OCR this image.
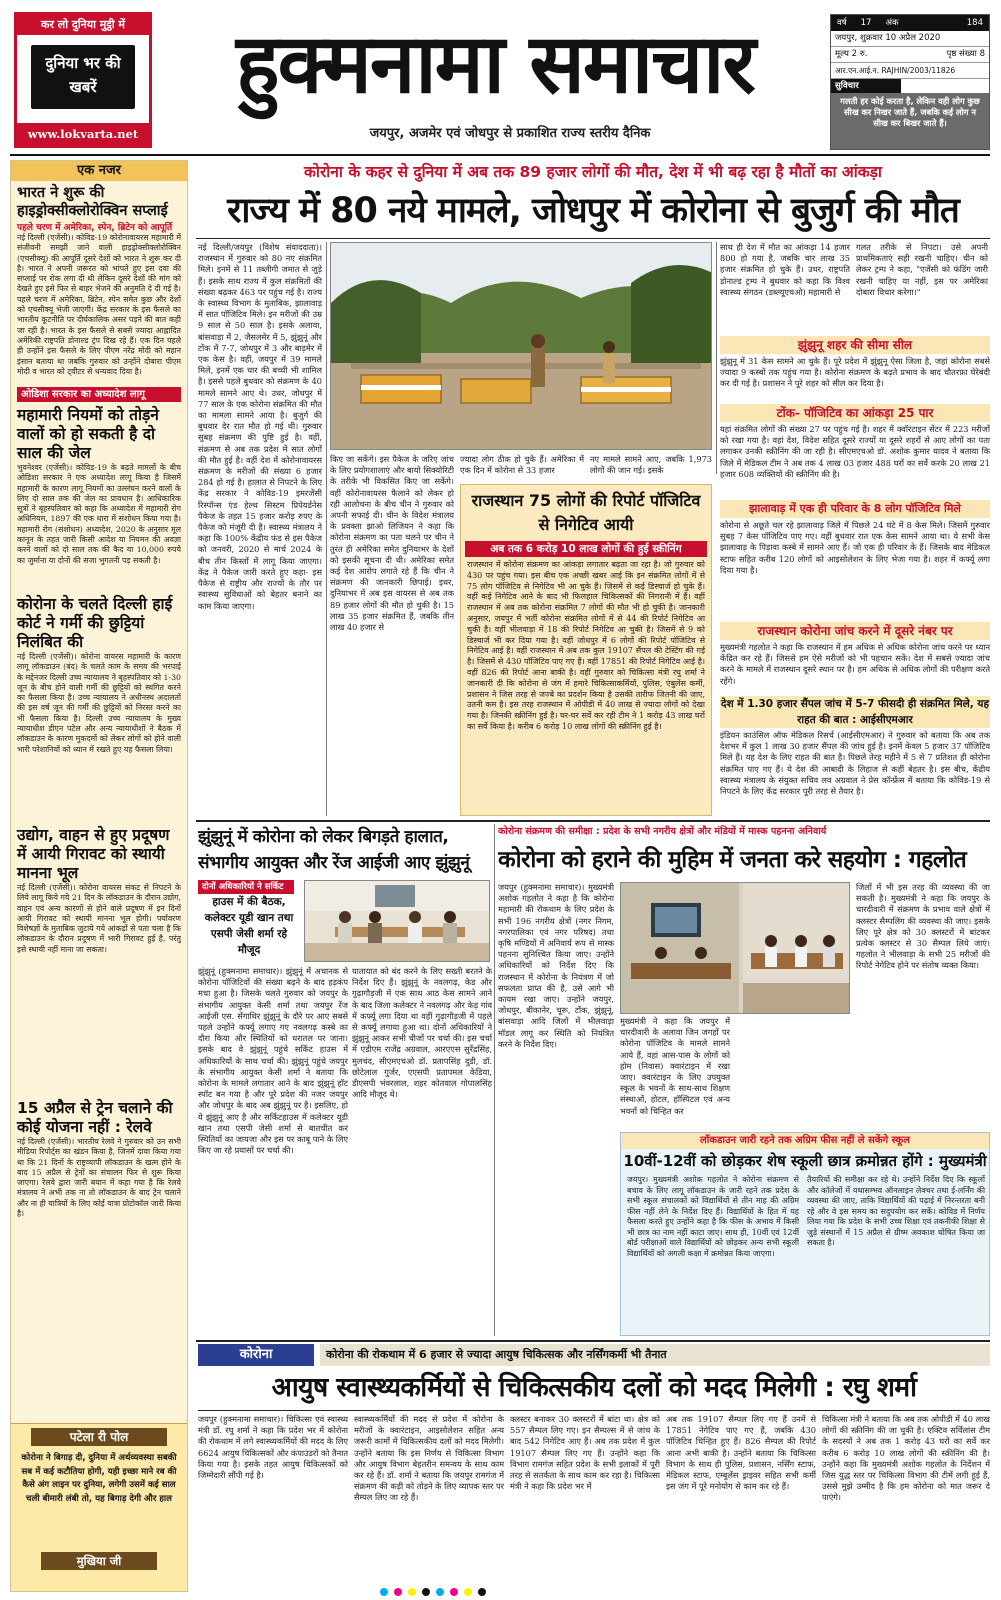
कर लो दुनिया मुट्ठी में
दुनिया भर की खबरें
www.lokvarta.net
हुक्मनामा समाचार
जयपुर, अजमेर एवं जोधपुर से प्रकाशित राज्य स्तरीय दैनिक
वर्ष	17	अंक	184
जयपुर, शुक्रवार 10 अप्रैल 2020
मूल्य 2 रु.	पृष्ठ संख्या 8
आर.एन.आई.न. RAJHIN/2003/11826
सुविचार
गलती हर कोई करता है, लेकिन वही लोग कुछ सीख कर निखर जाते हैं, जबकि कई लोग न सीख कर बिखर जाते हैं।
एक नजर
भारत ने शुरू की हाइड्रोक्सीक्लोरोक्विन सप्लाई
पहले चरण में अमेरिका, स्पेन, ब्रिटेन को आपूर्ति
नई दिल्ली (एजेंसी)। कोविड-19 कोरोनावायरस महामारी में संजीवनी समझी जाने वाली हाइड्रोक्सीक्लोरोक्विन (एचसीक्यू) की आपूर्ति दूसरे देशों को भारत ने शुरू कर दी है। भारत ने अपनी जरूरत को भांपते हुए इस दवा की सप्लाई पर रोक लगा दी थी लेकिन दूसरे देशों की मांग को देखते हुए इसे फिर से बाहर भेजने की अनुमति दे दी गई है। पहले चरण में अमेरिका, ब्रिटेन, स्पेन समेत कुछ और देशों को एचसीक्यू भेजी जाएगी। केंद्र सरकार के इस फैसले का भारतीय कूटनीति पर दीर्घकालिक असर पड़ने की बात कही जा रही है। भारत के इस फैसले से सबसे ज्यादा आह्लादित अमेरिकी राष्ट्रपति डोनाल्ड ट्रंप दिख रहे हैं। एक दिन पहले ही उन्होंने इस फैसले के लिए पीएम नरेंद्र मोदी को महान इंसान बताया था जबकि गुरुवार को उन्होंने दोबारा पीएम मोदी व भारत को ट्वीटर से धन्यवाद दिया है।
ओडिशा सरकार का अध्यादेश लागू
महामारी नियमों को तोड़ने वालों को हो सकती है दो साल की जेल
भुवनेश्वर (एजेंसी)। कोविड-19 के बढ़ते मामलों के बीच ओडिशा सरकार ने एक अध्यादेश लागू किया है जिसमें महामारी के कारण लागू नियमों का उल्लंघन करने वालों के लिए दो साल तक की जेल का प्रावधान है। आधिकारिक सूत्रों ने बृहस्पतिवार को कहा कि अध्यादेश में महामारी रोग अधिनियम, 1897 की एक धारा में संशोधन किया गया है। महामारी रोग (संशोधन) अध्यादेश, 2020 के अनुसार मूल कानून के तहत जारी किसी आदेश या नियमन की अवज्ञा करने वालों को दो साल तक की कैद या 10,000 रुपये का जुर्माना या दोनों की सजा भुगतनी पड़ सकती है।
कोरोना के चलते दिल्ली हाई कोर्ट ने गर्मी की छुट्टियां निलंबित की
नई दिल्ली (एजेंसी)। कोरोना वायरस महामारी के कारण लागू लॉकडाउन (बंद) के चलते काम के समय की भरपाई के मद्देनजर दिल्ली उच्च न्यायालय ने बृहस्पतिवार को 1-30 जून के बीच होने वाली गर्मी की छुट्टियों को स्थगित करने का फैसला किया है। उच्च न्यायालय ने अधीनस्थ अदालतों की इस वर्ष जून की गर्मी की छुट्टियों को निरस्त करने का भी फैसला किया है। दिल्ली उच्च न्यायालय के मुख्य न्यायाधीश डीएन पटेल और अन्य न्यायाधीशों ने बैठक में लॉकडाउन के कारण मुकदमों को लेकर लोगों को होने वाली भारी परेशानियों को ध्यान में रखते हुए यह फैसला लिया।
उद्योग, वाहन से हुए प्रदूषण में आयी गिरावट को स्थायी मानना भूल
नई दिल्ली (एजेंसी)। कोरोना वायरस संकट से निपटने के लिये लागू किये गये 21 दिन के लॉकडाउन के दौरान उद्योग, वाहन एवं अन्य कारणों से होने वाले प्रदूषण में इन दिनों आयी गिरावट को स्थायी मानना भूल होगी। पर्यावरण विशेषज्ञों के मुताबिक जुटाये गये आंकड़ों से पता चला है कि लॉकडाउन के दौरान प्रदूषण में भारी गिरावट हुई है, परंतु इसे स्थायी नहीं माना जा सकता।
15 अप्रैल से ट्रेन चलाने की कोई योजना नहीं : रेलवे
नई दिल्ली (एजेंसी)। भारतीय रेलवे ने गुरुवार को उन सभी मीडिया रिपोर्ट्स का खंडन किया है, जिनमें दावा किया गया था कि 21 दिनों के राष्ट्रव्यापी लॉकडाउन के खत्म होने के बाद 15 अप्रैल से ट्रेनों का संचालन फिर से शुरू किया जाएगा। रेलवे द्वारा जारी बयान में कहा गया है कि रेलवे मंत्रालय ने अभी तक ना तो लॉकडाउन के बाद ट्रेन चलाने और ना ही यात्रियों के लिए कोई यात्रा प्रोटोकॉल जारी किया है।
पटेला री पोल
कोरोना ने बिगाड़ दी, दुनिया में अर्थव्यवस्था सबकी सब में कई कटौतिया होगी, यही इच्छा माने रब की कैसे अंग लाइन पर दुनिया, लगेगी उसमें कई साल चली बीमारी लंबी तो, यह बिगाड़ देगी और हाल
मुखिया जी
कोरोना के कहर से दुनिया में अब तक 89 हजार लोगों की मौत, देश में भी बढ़ रहा है मौतों का आंकड़ा
राज्य में 80 नये मामले, जोधपुर में कोरोना से बुजुर्ग की मौत
नई दिल्ली/जयपुर (विशेष संवाददाता)। राजस्थान में गुरुवार को 80 नए संक्रमित मिले। इनमें से 11 तब्लीगी जमात से जुड़े हैं। इसके साथ राज्य में कुल संक्रमितों की संख्या बढ़कर 463 पर पहुंच गई है। राज्य के स्वास्थ्य विभाग के मुताबिक, झालावाड़ में सात पॉजिटिव मिले। इन मरीजों की उम्र 9 साल से 50 साल है। इसके अलावा, बांसवाड़ा में 2, जैसलमेर में 5, झुंझुनूं और टोंक में 7-7, जोधपुर में 3 और बाड़मेर में एक केस है। वहीं, जयपुर में 39 मामले मिले, इनमें एक चार की बच्ची भी शामिल है। इससे पहले बुधवार को संक्रमण के 40 मामले सामने आए थे। उधर, जोधपुर में 77 साल के एक कोरोना संक्रमित की मौत का मामला सामने आया है। बुजुर्ग की बुधवार देर रात मौत हो गई थी। गुरुवार सुबह संक्रमण की पुष्टि हुई है। वहीं, संक्रमण से अब तक प्रदेश में सात लोगों की मौत हुई है। वहीं देश में कोरोनावायरस संक्रमण के मरीजों की संख्या 6 हजार 284 हो गई है। हालात से निपटने के लिए केंद्र सरकार ने कोविड-19 इमरजेंसी रिस्पॉन्स एंड हेल्थ सिस्टम प्रिपेयर्डनेस पैकेज के तहत 15 हजार करोड़ रुपए के पैकेज को मंजूरी दी है। स्वास्थ्य मंत्रालय ने कहा कि 100% केंद्रीय फंड से इस पैकेज को जनवरी, 2020 से मार्च 2024 के बीच तीन किस्तों में लागू किया जाएगा। केंद्र ने पैकेज जारी करते हुए कहा- इस पैकेज से राष्ट्रीय और राज्यों के तौर पर स्वास्थ्य सुविधाओं को बेहतर बनाने का काम किया जाएगा।
किए जा सकेंगे। इस पैकेज के जरिए जांच के लिए प्रयोगशालाएं और बायो सिक्योरिटी के तरीके भी विकसित किए जा सकेंगे। वहीं कोरोनावायरस फैलाने को लेकर हो रही आलोचना के बीच चीन ने गुरुवार को अपनी सफाई दी। चीन के विदेश मंत्रालय के प्रवक्ता झाओ लिजियन ने कहा कि कोरोना संक्रमण का पता चलने पर चीन ने तुरंत ही अमेरिका समेत दुनियाभर के देशों को इसकी सूचना दी थी। अमेरिका समेत कई देश आरोप लगाते रहे हैं कि चीन ने संक्रमण की जानकारी छिपाई। इधर, दुनियाभर में अब इस वायरस से अब तक 89 हजार लोगों की मौत हो चुकी है। 15 लाख 35 हजार संक्रमित हैं, जबकि तीन लाख 40 हजार से
ज्यादा लोग ठीक हो चुके हैं। अमेरिका में एक दिन में कोरोना से 33 हजार
नए मामले सामने आए, जबकि 1,973 लोगों की जान गई। इसके
साथ ही देश में मौत का आंकड़ा 14 हजार 800 हो गया है, जबकि चार लाख 35 हजार संक्रमित हो चुके हैं। उधर, राष्ट्रपति डोनाल्ड ट्रम्प ने बुधवार को कहा कि विश्व स्वास्थ्य संगठन (डब्ल्यूएचओ) महामारी से
गलत तरीके से निपटा। उसे अपनी प्राथमिकताएं सही रखनी चाहिए। चीन को लेकर ट्रम्प ने कहा, "एजेंसी को फंडिंग जारी रखनी चाहिए या नहीं, इस पर अमेरिका दोबारा विचार करेगा।"
झुंझुनू शहर की सीमा सील
झुंझुनू में 31 केस सामने आ चुके हैं। पूरे प्रदेश में झुंझुनू ऐसा जिला है, जहां कोरोना सबसे ज्यादा 9 कस्बों तक पहुंच गया है। कोरोना संक्रमण के बढ़ते प्रभाव के बाद चौतरफ़ा घेरेबंदी कर दी गई है। प्रशासन ने पूरे शहर को सील कर दिया है।
टोंक- पॉजिटिव का आंकड़ा 25 पार
यहां संक्रमित लोगों की संख्या 27 पर पहुंच गई है। शहर में क्वॉरंटाइन सेंटर में 223 मरीजों को रखा गया है। वहां देश, विदेश सहित दूसरे राज्यों या दूसरे शहरों से आए लोगों का पता लगाकर उनकी स्क्रीनिंग की जा रही है। सीएमएचओ डॉ. अशोक कुमार यादव ने बताया कि जिले में मेडिकल टीम ने अब तक 4 लाख 03 हजार 488 घरों का सर्वे करके 20 लाख 21 हजार 608 व्यक्तियों की स्क्रीनिंग की है।
झालावाड़ में एक ही परिवार के 8 लोग पॉजिटिव मिले
कोरोना से अछूते चल रहे झालावाड़ जिले में पिछले 24 घंटे में 8 केस मिले। जिसमें गुरुवार सुबह 7 केस पॉजिटिव पाए गए। वहीं बुधवार रात एक केस सामने आया था। ये सभी केस झालावाड़ के पिड़ावा कस्बे में सामने आए हैं। जो एक ही परिवार के हैं। जिसके बाद मेडिकल स्टाफ सहित करीब 120 लोगों को आइसोलेशन के लिए भेजा गया है। शहर में कर्फ्यू लगा दिया गया है।
राजस्थान कोरोना जांच करने में दूसरे नंबर पर
मुख्यमंत्री गहलोत ने कहा कि राजस्थान में हम अधिक से अधिक कोरोना जांच करने पर ध्यान केंद्रित कर रहे हैं। जिससे हम ऐसे मरीजों को भी पहचान सकें। देश में सबसे ज्यादा जांच करने के मामले में राजस्थान दूसरे स्थान पर है। हम अधिक से अधिक लोगों की परीक्षण करते रहेंगे।
देश में 1.30 हजार सैंपल जांच में 5-7 फीसदी ही संक्रमित मिले, यह राहत की बात : आईसीएमआर
इंडियन काउंसिल ऑफ मेडिकल रिसर्च (आईसीएमआर) ने गुरुवार को बताया कि अब तक देशभर में कुल 1 लाख 30 हजार सैंपल की जांच हुई है। इनमें केवल 5 हजार 37 पॉजिटिव मिले हैं। यह देश के लिए राहत की बात है। पिछले तेरह महीने में 5 से 7 प्रतिशत ही कोरोना संक्रमित पाए गए हैं। ये देश की आबादी के लिहाज से कहीं बेहतर है। इस बीच, केंद्रीय स्वास्थ्य मंत्रालय के संयुक्त सचिव लव अग्रवाल ने प्रेस कॉन्फ्रेंस में बताया कि कोविड-19 से निपटने के लिए केंद्र सरकार पूरी तरह से तैयार है।
राजस्थान 75 लोगों की रिपोर्ट पॉजिटिव से निगेटिव आयी
अब तक 6 करोड़ 10 लाख लोगों की हुई स्क्रीनिंग
राजस्थान में कोरोना संक्रमण का आंकड़ा लगातार बढ़ता जा रहा है। जो गुरुवार को 430 पर पहुंच गया। इस बीच एक अच्छी खबर आई कि इन संक्रमित लोगों में से 75 लोग पॉजिटिव से निगेटिव भी आ चुके हैं। जिसमें से कई डिस्चार्ज हो चुके हैं। वहीं कई निगेटिव आने के बाद भी फिलहाल चिकित्सकों की निगरानी में हैं। वहीं राजस्थान में अब तक कोरोना संक्रमित 7 लोगों की मौत भी हो चुकी है। जानकारी अनुसार, जयपुर में भर्ती कोरोना संक्रमित लोगों में से 44 की रिपोर्ट निगेटिव आ चुकी है। वहीं भीलवाड़ा में 18 की रिपोर्ट निगेटिव आ चुकी है। जिसमें से 9 को डिस्चार्ज भी कर दिया गया है। वहीं जोधपुर में 6 लोगों की रिपोर्ट पॉजिटिव से निगेटिव आई है। वहीं राजस्थान में अब तक कुल 19107 सैंपल की टेस्टिंग की गई है। जिसमें से 430 पॉजिटिव पाए गए हैं। वहीं 17851 की रिपोर्ट निगेटिव आई है। वहीं 826 की रिपोर्ट आना बाकी है। वहीं गुरुवार को चिकित्सा मंत्री रघु शर्मा ने जानकारी दी कि कोरोना से जंग में हमारे चिकित्साकर्मियों, पुलिस, एंबुलेंस कर्मी, प्रशासन ने जिस तरह से जज्बे का प्रदर्शन किया है उसकी तारीफ जितनी की जाए, उतनी कम है। इस तरह राजस्थान में ओपीडी में 40 लाख से ज्यादा लोगों को देखा गया है। जिनकी स्क्रीनिंग हुई है। घर-घर सर्वे कर रही टीम ने 1 करोड़ 43 लाख घरों का सर्वे किया है। करीब 6 करोड़ 10 लाख लोगों की स्क्रीनिंग हुई है।
झुंझुनूं में कोरोना को लेकर बिगड़ते हालात, संभागीय आयुक्त और रेंज आईजी आए झुंझुनूं
दोनों अधिकारियों ने सर्किट
हाउस में की बैठक, कलेक्टर यूडी खान तथा एसपी जेसी शर्मा रहे मौजूद
झुंझुनूं (हुक्मनामा समाचार)। झुंझुनूं में अचानक से कोरोना पॉजिटिवों की संख्या बढ़ने के बाद हड़कंप मचा हुआ है। जिसके चलते गुरुवार को जयपुर के संभागीय आयुक्त केसी शर्मा तथा जयपुर रेंज आईजी एस. सेंगाथिर झुंझुनूं के दौरे पर आए सबसे पहले उन्होंने कर्फ्यू लगाए गए नवलगढ़ कस्बे का दौरा किया और स्थितियों को धरातल पर जाना। इसके बाद वे झुंझुनूं पहुंचे सर्किट हाउस में अधिकारियों के साथ चर्चा की। झुंझुनूं पहुंचे जयपुर के संभागीय आयुक्त केसी शर्मा ने बताया कि कोरोना के मामले लगातार आने के बाद झुंझुनूं हॉट स्पॉट बन गया है और पूरे प्रदेश की नजर जयपुर और जोधपुर के बाद अब झुंझुनूं पर है। इसलिए, हो ये झुंझुनूं आए है और सर्किटहाउस में कलेक्टर यूडी खान तथा एसपी जेसी शर्मा से बातचीत कर स्थितियों का जायजा और इस पर काबू पाने के लिए किए जा रहे प्रयासों पर चर्चा की।
यातायात को बंद करने के लिए सख्ती बरतने के निर्देश दिए हैं। झुंझुनूं के नवलगढ़, केड और गुढ़ागौड़जी में एक साथ आठ केस सामने आने के बाद जिला कलेक्टर ने नवलगढ़ और केड़ गांव में कर्फ्यू लगा दिया था वहीं गुढ़ागौड़जी में पहले से कर्फ्यू लगाया हुआ था। दोनों अधिकारियों ने झुंझुनूं आकर सभी चीजों पर चर्चा की। इस चर्चा में एडीएम राजेंद्र अग्रवाल, आरएएस सुरेंद्रसिंह, मुलचंद, सीएमएचओ डॉ. प्रतापसिंह दुडी, डॉ. छोटेलाल गुर्जर, एएसपी प्रतापमल केडिया, डीएसपी भंवरलाल, शहर कोतवाल गोपालसिंह आदि मौजूद थे।
कोरोना संक्रमण की समीक्षा : प्रदेश के सभी नगरीय क्षेत्रों और मंडियों में मास्क पहनना अनिवार्य
कोरोना को हराने की मुहिम में जनता करे सहयोग : गहलोत
जयपुर (हुक्मनामा समाचार)। मुख्यमंत्री अशोक गहलोत ने कहा है कि कोरोना महामारी की रोकथाम के लिए प्रदेश के सभी 196 नगरीय क्षेत्रों (नगर निगम, नगरपालिका एवं नगर परिषद) तथा कृषि मण्डियों में अनिवार्य रूप से मास्क पहनना सुनिश्चित किया जाए। उन्होंने अधिकारियों को निर्देश दिए कि राजस्थान में कोरोना के नियंत्रण में जो सफलता प्राप्त की है, उसे आगे भी कायम रखा जाए। उन्होंने जयपुर, जोधपुर, बीकानेर, चूरू, टोंक, झुंझुनूं, बांसवाड़ा आदि जिलों में भीलवाड़ा मॉडल लागू कर स्थिति को नियंत्रित करने के निर्देश दिए।
मुख्यमंत्री ने कहा कि जयपुर में चारदीवारी के अलावा जिन जगहों पर कोरोना पॉजिटिव के मामले सामने आये हैं, वहां आस-पास के लोगों को होम (निवास) क्वारंटाइन में रखा जाए। क्वारंटाइन के लिए उपयुक्त स्कूल के भवनों के साथ-साथ शिक्षण संस्थाओं, होटल, हॉस्पिटल एवं अन्य भवनों को चिन्हित कर
जिलों में भी इस तरह की व्यवस्था की जा सकती है। मुख्यमंत्री ने कहा कि जयपुर के चारदीवारी में संक्रमण के प्रभाव वाले क्षेत्रों में क्लस्टर सैम्पलिंग की व्यवस्था की जाए। इसके लिए पूरे क्षेत्र को 30 क्लस्टरों में बांटकर प्रत्येक क्लस्टर से 30 सैम्पल लिये जाएं। गहलोत ने भीलवाड़ा के सभी 25 मरीजों की रिपोर्ट नेगेटिव होने पर संतोष व्यक्त किया।
लॉकडाउन जारी रहने तक अग्रिम फीस नहीं ले सकेंगे स्कूल
10वीं-12वीं को छोड़कर शेष स्कूली छात्र क्रमोन्नत होंगे : मुख्यमंत्री
जयपुर। मुख्यमंत्री अशोक गहलोत ने कोरोना संक्रमण से बचाव के लिए लागू लॉकडाउन के जारी रहने तक प्रदेश के सभी स्कूल संचालकों को विद्यार्थियों से तीन माह की अग्रिम फीस नहीं लेने के निर्देश दिए हैं। विद्यार्थियों के हित में यह फैसला करते हुए उन्होंने कहा है कि फीस के अभाव में किसी भी छात्र का नाम नहीं काटा जाए। साथ ही, 10वीं एवं 12वीं बोर्ड परीक्षाओं वाले विद्यार्थियों को छोड़कर अन्य सभी स्कूली विद्यार्थियों को अगली कक्षा में क्रमोन्नत किया जाएगा।
तैयारियों की समीक्षा कर रहे थे। उन्होंने निर्देश दिए कि स्कूलों और कॉलेजों में यथासम्भव ऑनलाइन लेक्चर तथा ई-लर्निंग की व्यवस्था की जाए, ताकि विद्यार्थियों की पढ़ाई में निरन्तरता बनी रहे और वे इस समय का सदुपयोग कर सकें। कोविड में निर्णय लिया गया कि प्रदेश के सभी उच्च शिक्षा एवं तकनीकी शिक्षा से जुड़े संस्थानों में 15 अप्रैल से ग्रीष्म अवकाश घोषित किया जा सकता है।
कोरोना	कोरोना की रोकथाम में 6 हजार से ज्यादा आयुष चिकित्सक और नर्सिंगकर्मी भी तैनात
आयुष स्वास्थ्यकर्मियों से चिकित्सकीय दलों को मदद मिलेगी : रघु शर्मा
जयपुर (हुक्मनामा समाचार)। चिकित्सा एवं स्वास्थ्य मंत्री डॉ. रघु शर्मा ने कहा कि प्रदेश भर में कोरोना की रोकथाम में लगे स्वास्थ्यकर्मियों की मदद के लिए 6624 आयुष चिकित्सकों और कंपाउंडरों को तैनात किया गया है। इसके तहत आयुष चिकित्सकों को जिम्मेदारी सौंपी गई है।
स्वास्थ्यकर्मियों की मदद से प्रदेश में कोरोना के मरीजों के क्वारंटाइन, आइसोलेशन सहित अन्य जरूरी कामों में चिकित्सकीय दलों को मदद मिलेगी। उन्होंने बताया कि इस निर्णय से चिकित्सा विभाग और आयुष विभाग बेहतरीन समन्वय के साथ काम कर रहे हैं। डॉ. शर्मा ने बताया कि जयपुर रामगंज में संक्रमण की कड़ी को तोड़ने के लिए व्यापक स्तर पर सैम्पल लिए जा रहे हैं।
क्लस्टर बनाकर 30 क्लस्टरों में बांटा था। क्षेत्र को 557 सैम्पल लिए गए। इन सैम्पल्स में से जांच के बाद 542 निगेटिव आए हैं। अब तक प्रदेश में कुल 19107 सैम्पल लिए गए हैं। उन्होंने कहा कि विभाग रामगंज सहित प्रदेश के सभी इलाकों में पूरी तरह से सतर्कता के साथ काम कर रहा है। चिकित्सा मंत्री ने कहा कि प्रदेश भर में
अब तक 19107 सैम्पल लिए गए हैं उनमें से 17851 नेगेटिव पाए गए हैं, जबकि 430 पॉजिटिव चिन्हित हुए हैं। 826 सैम्पल की रिपोर्ट आना अभी बाकी है। उन्होंने बताया कि चिकित्सा विभाग के साथ ही पुलिस, प्रशासन, नर्सिंग स्टाफ, मेडिकल स्टाफ, एम्बुलेंस ड्राइवर सहित सभी कर्मी इस जंग में पूरे मनोयोग से काम कर रहे हैं।
चिकित्सा मंत्री ने बताया कि अब तक ओपीडी में 40 लाख लोगों की स्क्रीनिंग की जा चुकी है। एक्टिव सर्विलांस टीम के सदस्यों ने अब तक 1 करोड़ 43 घरों का सर्वे कर करीब 6 करोड़ 10 लाख लोगों की स्क्रीनिंग की है। उन्होंने कहा कि मुख्यमंत्री अशोक गहलोत के निर्देशन में जिस युद्ध स्तर पर चिकित्सा विभाग की टीमें लगी हुई हैं, उससे मुझे उम्मीद है कि हम कोरोना को मात जरूर दे पाएंगे।
